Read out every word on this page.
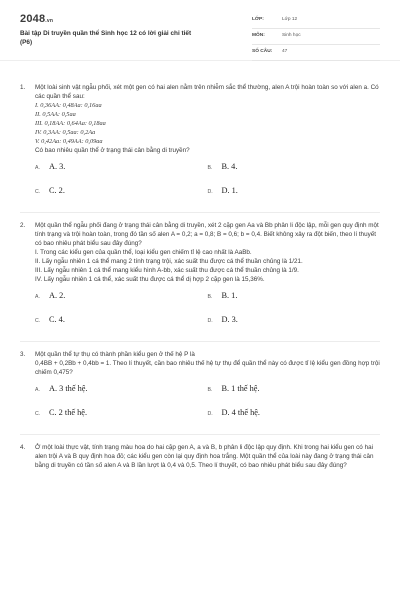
2048.vn
Bài tập Di truyền quần thể Sinh học 12 có lời giải chi tiết (P6)
LỚP:	Lớp 12
MÔN:	Sinh học
SỐ CÂU:	47
1. Một loài sinh vật ngẫu phối, xét một gen có hai alen nằm trên nhiễm sắc thể thường, alen A trội hoàn toàn so với alen a. Có các quần thể sau:

I. 0,36AA: 0,48Aa: 0,16aa

II. 0,5AA: 0,5aa

III. 0,18AA: 0,64Aa: 0,18aa

IV. 0,3AA: 0,5aa: 0,2Aa

V. 0,42Aa: 0,49AA: 0,09aa

Có bao nhiêu quần thể ở trạng thái cân bằng di truyền?

A.	A. 3.	B.	B. 4.
C.	C. 2.	D.	D. 1.
2. Một quần thể ngẫu phối đang ở trạng thái cân bằng di truyền, xét 2 cặp gen Aa và Bb phân li độc lập, mỗi gen quy định một tính trạng và trội hoàn toàn, trong đó tần số alen A = 0,2; a = 0,8; B = 0,6; b = 0,4. Biết không xảy ra đột biến, theo lí thuyết có bao nhiêu phát biểu sau đây đúng?

I. Trong các kiểu gen của quần thể, loại kiểu gen chiếm tỉ lệ cao nhất là AaBb.

II. Lấy ngẫu nhiên 1 cá thể mang 2 tính trạng trội, xác suất thu được cá thể thuần chủng là 1/21.

III. Lấy ngẫu nhiên 1 cá thể mang kiểu hình A-bb, xác suất thu được cá thể thuần chủng là 1/9.

IV. Lấy ngẫu nhiên 1 cá thể, xác suất thu được cá thể dị hợp 2 cặp gen là 15,36%.

A.	A. 2.	B.	B. 1.
C.	C. 4.	D.	D. 3.
3. Một quần thể tự thụ có thành phần kiểu gen ở thế hệ P là

0,4BB + 0,2Bb + 0,4bb = 1. Theo lí thuyết, cần bao nhiêu thế hệ tự thụ để quần thể này có được tỉ lệ kiểu gen đồng hợp trội chiếm 0,475?

A.	A. 3 thế hệ.	B.	B. 1 thế hệ.
C.	C. 2 thế hệ.	D.	D. 4 thế hệ.
4. Ở một loài thực vật, tính trạng màu hoa do hai cặp gen A, a và B, b phân li độc lập quy định. Khi trong hai kiểu gen có hai alen trội A và B quy định hoa đỏ; các kiểu gen còn lại quy định hoa trắng. Một quần thể của loài này đang ở trạng thái cân bằng di truyền có tần số alen A và B lần lượt là 0,4 và 0,5. Theo lí thuyết, có bao nhiêu phát biểu sau đây đúng?
